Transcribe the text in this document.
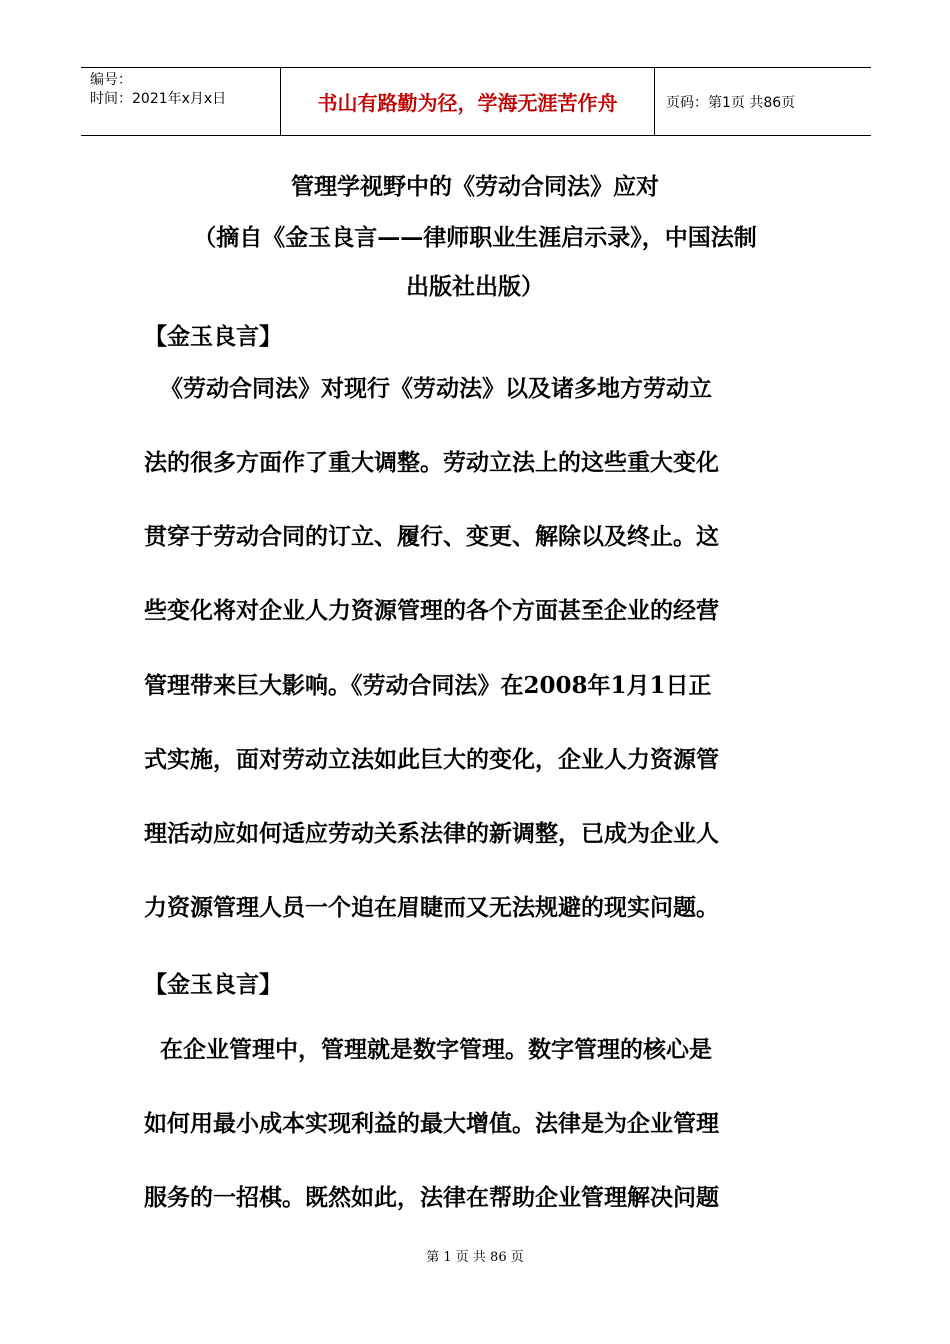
编号：
时间：2021年x月x日	书山有路勤为径，学海无涯苦作舟	页码：第1页 共86页
管理学视野中的《劳动合同法》应对
（摘自《金玉良言——律师职业生涯启示录》，中国法制
出版社出版）
【金玉良言】
《劳动合同法》对现行《劳动法》以及诸多地方劳动立
法的很多方面作了重大调整。劳动立法上的这些重大变化
贯穿于劳动合同的订立、履行、变更、解除以及终止。这
些变化将对企业人力资源管理的各个方面甚至企业的经营
管理带来巨大影响。《劳动合同法》在2008年1月1日正
式实施，面对劳动立法如此巨大的变化，企业人力资源管
理活动应如何适应劳动关系法律的新调整，已成为企业人
力资源管理人员一个迫在眉睫而又无法规避的现实问题。
【金玉良言】
在企业管理中，管理就是数字管理。数字管理的核心是
如何用最小成本实现利益的最大增值。法律是为企业管理
服务的一招棋。既然如此，法律在帮助企业管理解决问题
第 1 页 共 86 页
